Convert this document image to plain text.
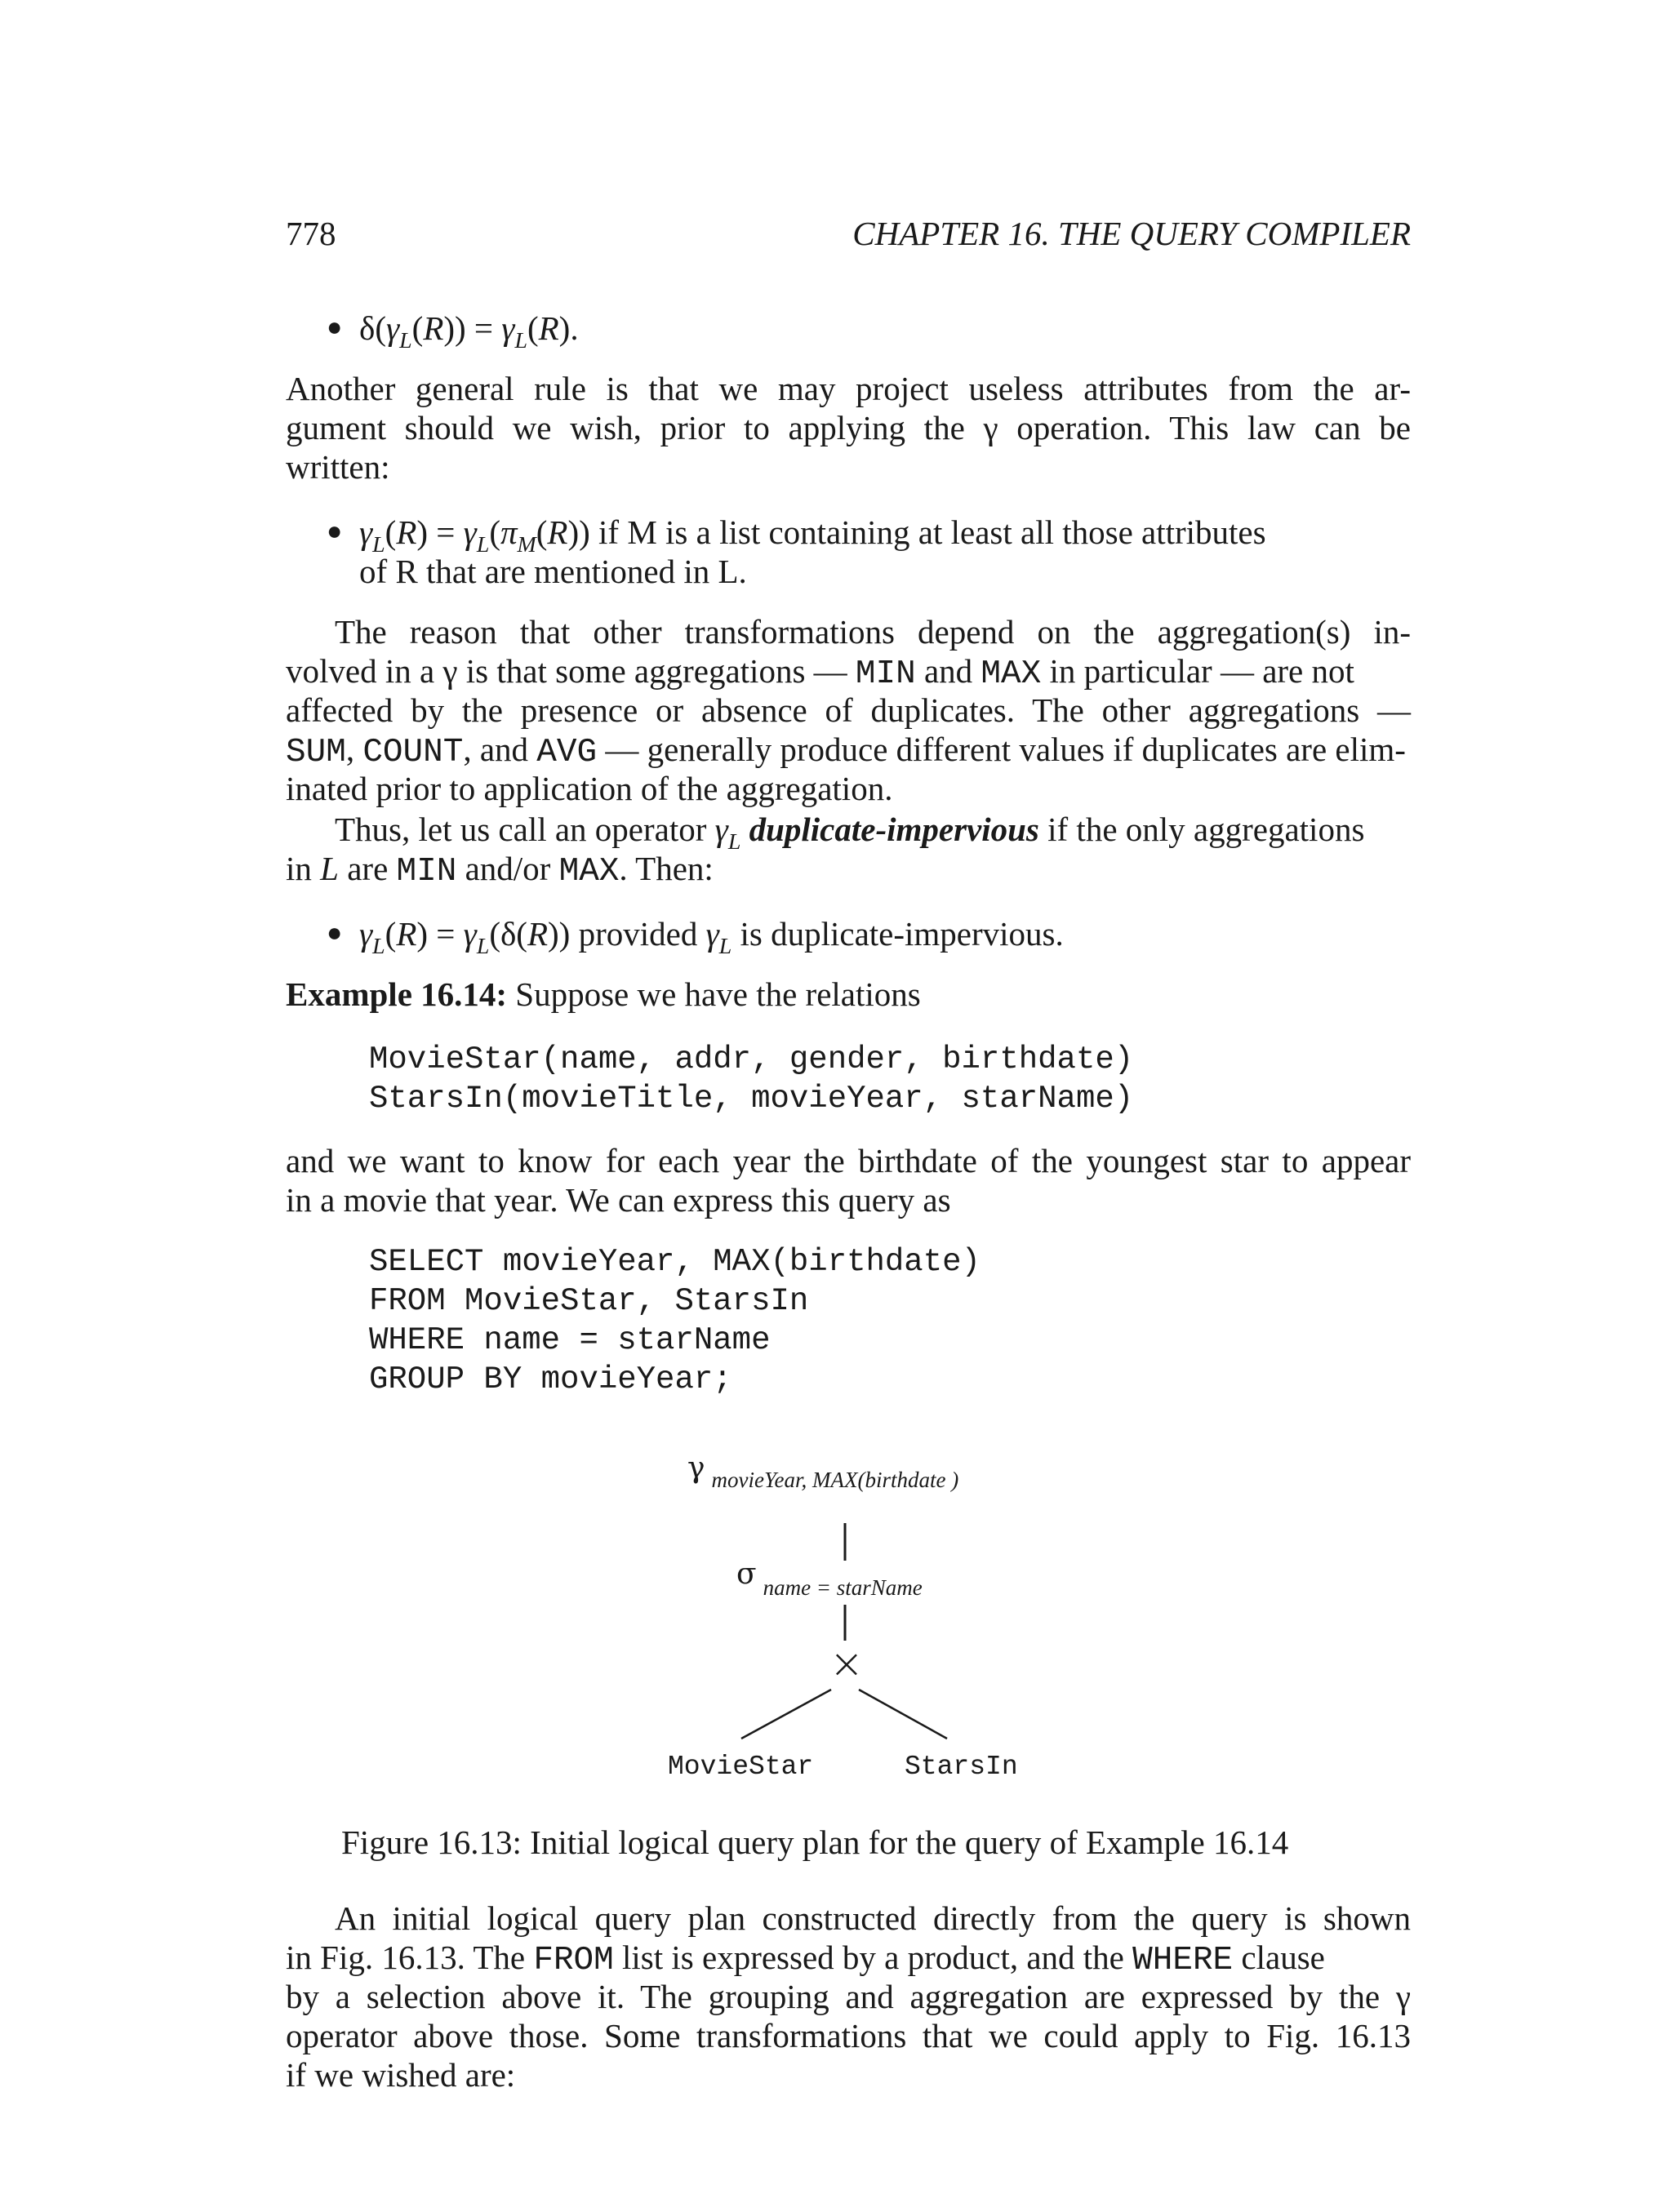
778	CHAPTER 16. THE QUERY COMPILER
● $\delta(\gamma_L(R)) = \gamma_L(R)$.
Another general rule is that we may project useless attributes from the ar-
gument should we wish, prior to applying the γ operation. This law can be
written:
● $\gamma_L(R) = \gamma_L(\pi_M(R))$ if M is a list containing at least all those attributes
of R that are mentioned in L.
The reason that other transformations depend on the aggregation(s) in-
volved in a γ is that some aggregations — MIN and MAX in particular — are not
affected by the presence or absence of duplicates. The other aggregations —
SUM, COUNT, and AVG — generally produce different values if duplicates are elim-
inated prior to application of the aggregation.
Thus, let us call an operator $\gamma_L$ duplicate-impervious if the only aggregations
in L are MIN and/or MAX. Then:
● $\gamma_L(R) = \gamma_L(\delta(R))$ provided $\gamma_L$ is duplicate-impervious.
Example 16.14: Suppose we have the relations
MovieStar(name, addr, gender, birthdate)
StarsIn(movieTitle, movieYear, starName)
and we want to know for each year the birthdate of the youngest star to appear
in a movie that year. We can express this query as
SELECT movieYear, MAX(birthdate)
FROM MovieStar, StarsIn
WHERE name = starName
GROUP BY movieYear;
γ movieYear, MAX(birthdate )
σ name = starName
×
MovieStar	StarsIn
Figure 16.13: Initial logical query plan for the query of Example 16.14
An initial logical query plan constructed directly from the query is shown
in Fig. 16.13. The FROM list is expressed by a product, and the WHERE clause
by a selection above it. The grouping and aggregation are expressed by the γ
operator above those. Some transformations that we could apply to Fig. 16.13
if we wished are:
